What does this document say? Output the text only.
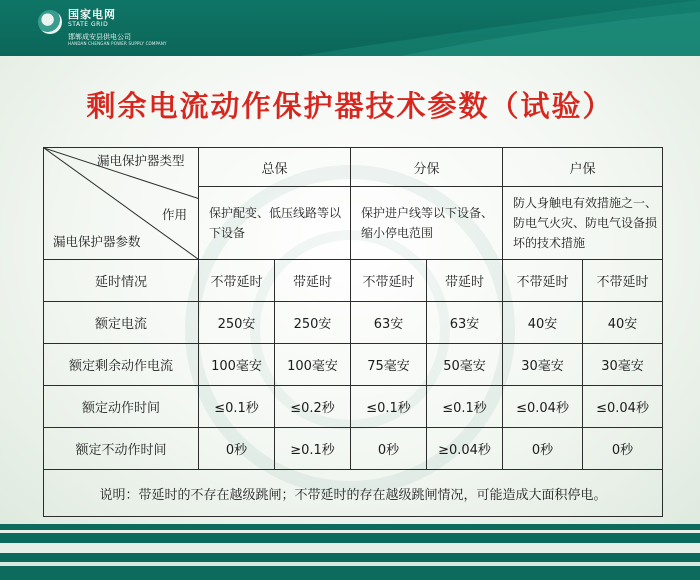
国家电网
STATE GRID
邯郸成安县供电公司
HANDAN CHENGAN POWER SUPPLY COMPANY
剩余电流动作保护器技术参数（试验）
漏电保护器类型
作用
漏电保护器参数	总保		分保		户保	
	保护配变、低压线路等以下设备		保护进户线等以下设备、缩小停电范围		防人身触电有效措施之一、防电气火灾、防电气设备损坏的技术措施	
延时情况	不带延时	带延时	不带延时	带延时	不带延时	不带延时
额定电流	250安	250安	63安	63安	40安	40安
额定剩余动作电流	100毫安	100毫安	75毫安	50毫安	30毫安	30毫安
额定动作时间	≤0.1秒	≤0.2秒	≤0.1秒	≤0.1秒	≤0.04秒	≤0.04秒
额定不动作时间	0秒	≥0.1秒	0秒	≥0.04秒	0秒	0秒
说明：带延时的不存在越级跳闸；不带延时的存在越级跳闸情况，可能造成大面积停电。						
